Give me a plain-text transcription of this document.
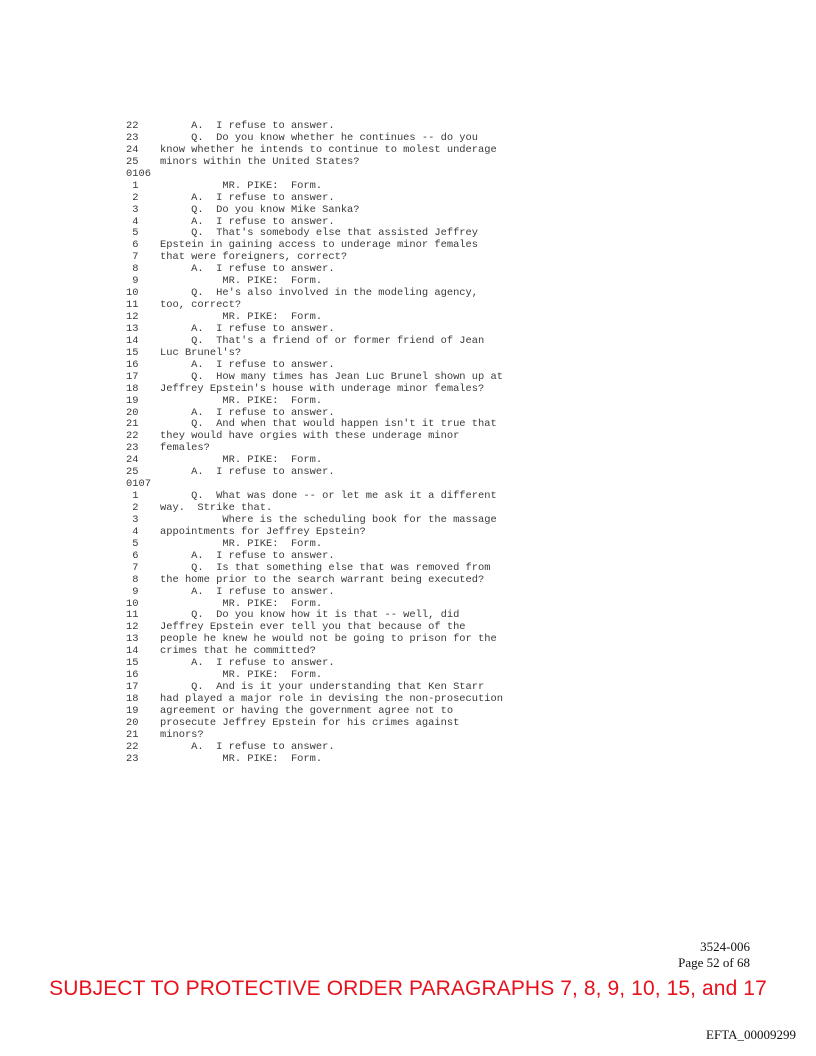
22     A.  I refuse to answer.
23     Q.  Do you know whether he continues -- do you
24 know whether he intends to continue to molest underage
25 minors within the United States?
0106
1          MR. PIKE:  Form.
2     A.  I refuse to answer.
3     Q.  Do you know Mike Sanka?
4     A.  I refuse to answer.
5     Q.  That's somebody else that assisted Jeffrey
6 Epstein in gaining access to underage minor females
7 that were foreigners, correct?
8     A.  I refuse to answer.
9          MR. PIKE:  Form.
10     Q.  He's also involved in the modeling agency,
11 too, correct?
12          MR. PIKE:  Form.
13     A.  I refuse to answer.
14     Q.  That's a friend of or former friend of Jean
15 Luc Brunel's?
16     A.  I refuse to answer.
17     Q.  How many times has Jean Luc Brunel shown up at
18 Jeffrey Epstein's house with underage minor females?
19          MR. PIKE:  Form.
20     A.  I refuse to answer.
21     Q.  And when that would happen isn't it true that
22 they would have orgies with these underage minor
23 females?
24          MR. PIKE:  Form.
25     A.  I refuse to answer.
0107
1     Q.  What was done -- or let me ask it a different
2 way.  Strike that.
3          Where is the scheduling book for the massage
4 appointments for Jeffrey Epstein?
5          MR. PIKE:  Form.
6     A.  I refuse to answer.
7     Q.  Is that something else that was removed from
8 the home prior to the search warrant being executed?
9     A.  I refuse to answer.
10          MR. PIKE:  Form.
11     Q.  Do you know how it is that -- well, did
12 Jeffrey Epstein ever tell you that because of the
13 people he knew he would not be going to prison for the
14 crimes that he committed?
15     A.  I refuse to answer.
16          MR. PIKE:  Form.
17     Q.  And is it your understanding that Ken Starr
18 had played a major role in devising the non-prosecution
19 agreement or having the government agree not to
20 prosecute Jeffrey Epstein for his crimes against
21 minors?
22     A.  I refuse to answer.
23          MR. PIKE:  Form.
3524-006
Page 52 of 68
SUBJECT TO PROTECTIVE ORDER PARAGRAPHS 7, 8, 9, 10, 15, and 17
EFTA_00009299
